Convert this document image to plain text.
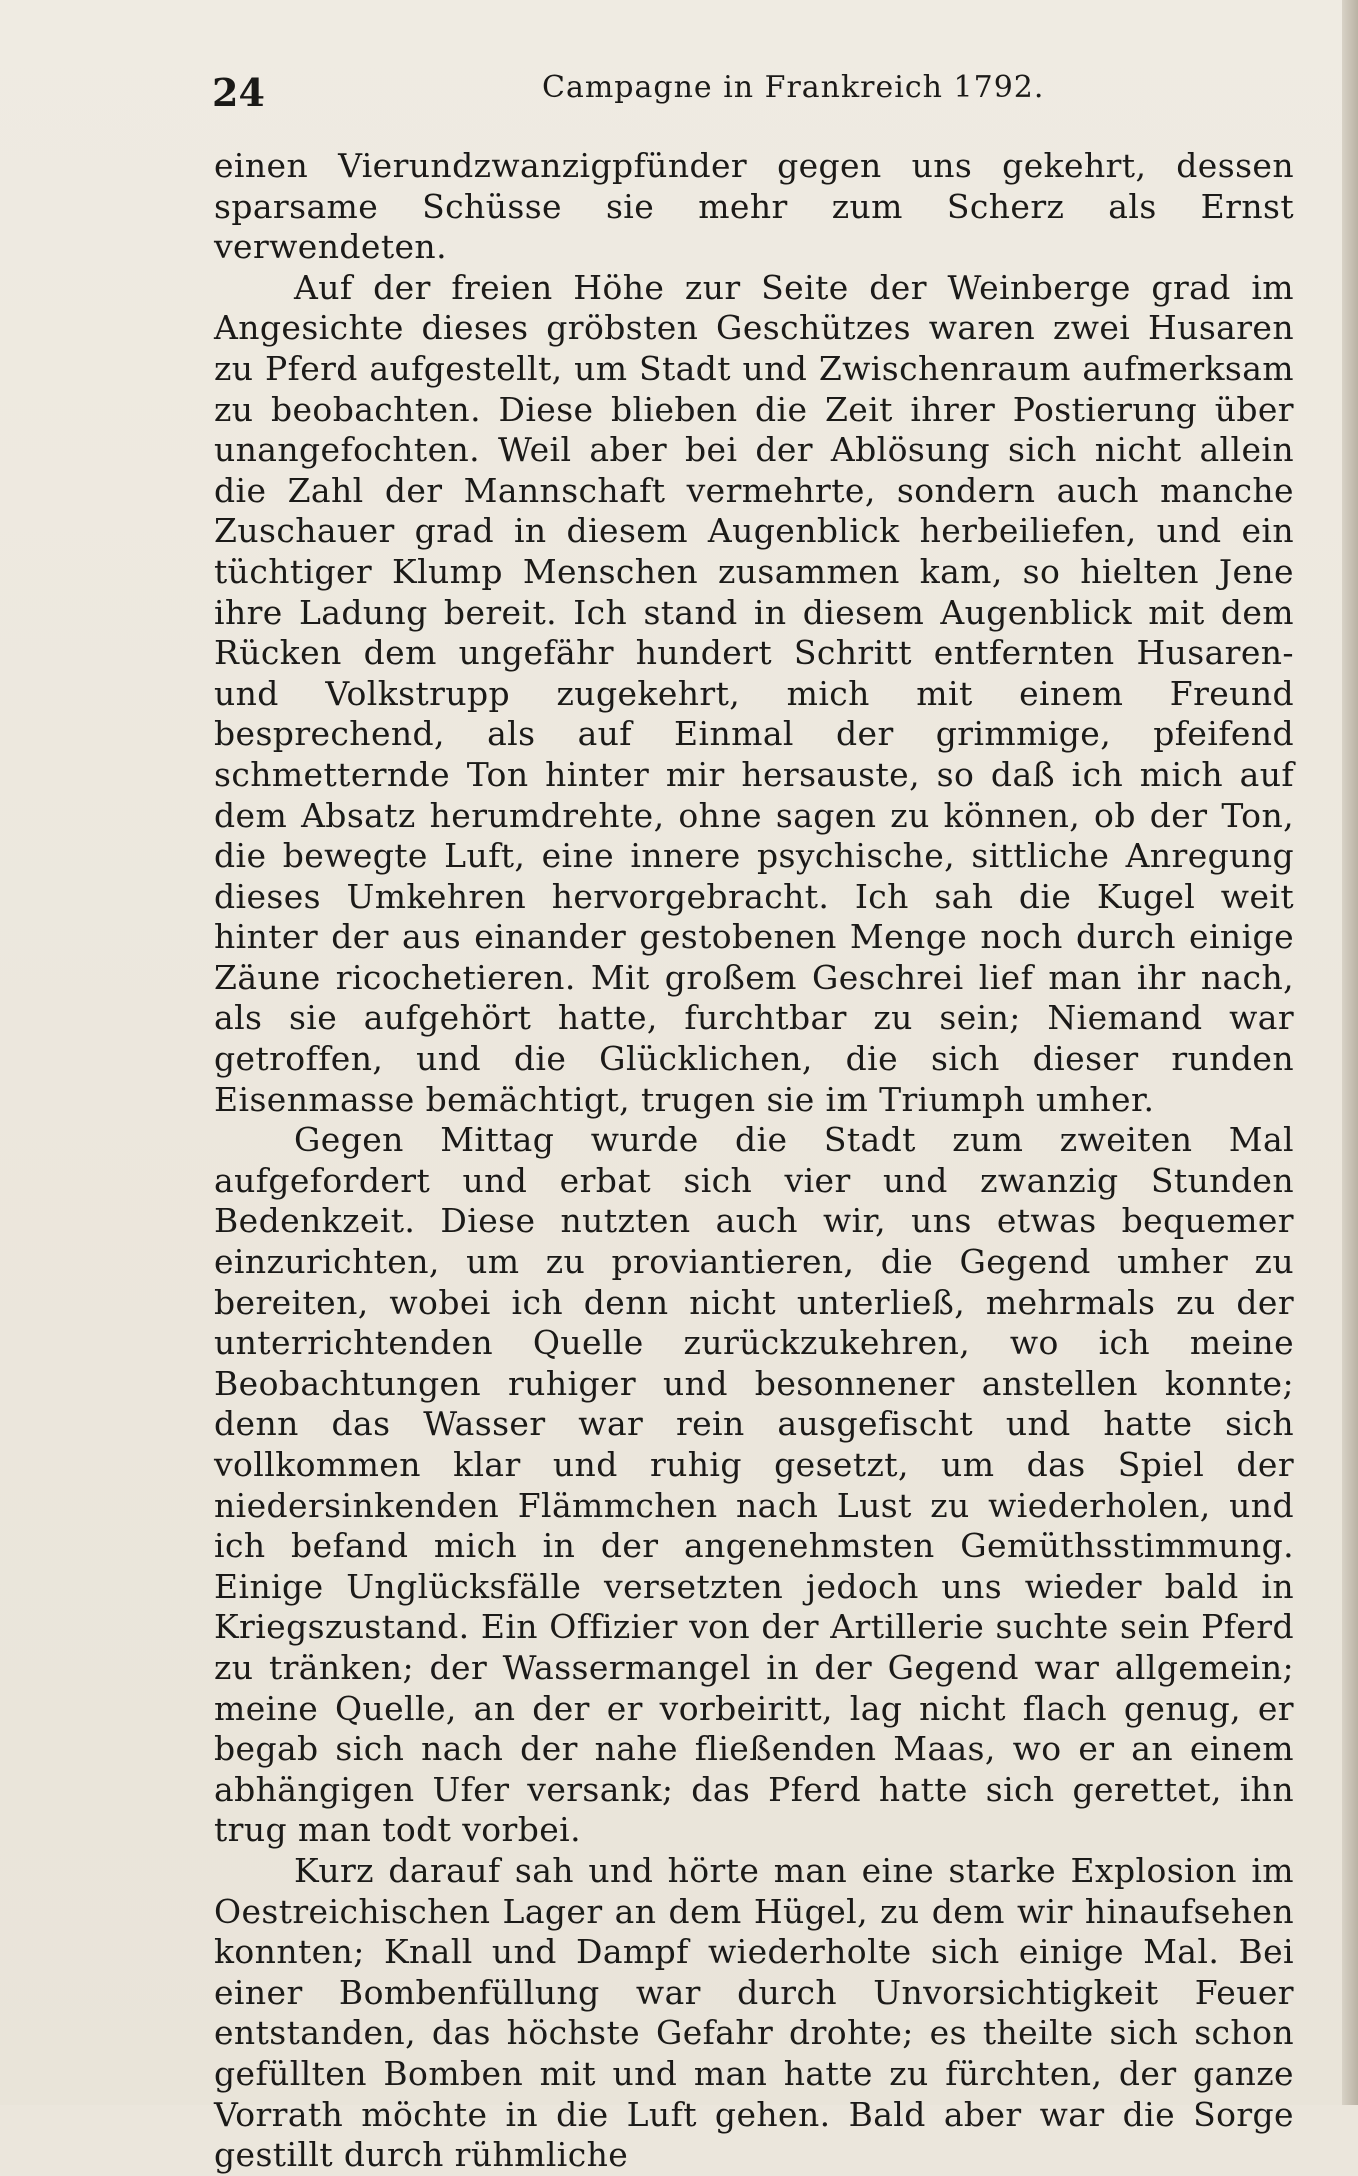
24	Campagne in Frankreich 1792.

einen Vierundzwanzigpfünder gegen uns gekehrt, dessen sparsame Schüsse sie mehr zum Scherz als Ernst verwendeten.

Auf der freien Höhe zur Seite der Weinberge grad im Angesichte dieses gröbsten Geschützes waren zwei Husaren zu Pferd aufgestellt, um Stadt und Zwischenraum aufmerksam zu beobachten. Diese blieben die Zeit ihrer Postierung über unangefochten. Weil aber bei der Ablösung sich nicht allein die Zahl der Mannschaft vermehrte, sondern auch manche Zuschauer grad in diesem Augenblick herbeiliefen, und ein tüchtiger Klump Menschen zusammen kam, so hielten Jene ihre Ladung bereit. Ich stand in diesem Augenblick mit dem Rücken dem ungefähr hundert Schritt entfernten Husaren- und Volkstrupp zugekehrt, mich mit einem Freund besprechend, als auf Einmal der grimmige, pfeifend schmetternde Ton hinter mir hersauste, so daß ich mich auf dem Absatz herumdrehte, ohne sagen zu können, ob der Ton, die bewegte Luft, eine innere psychische, sittliche Anregung dieses Umkehren hervorgebracht. Ich sah die Kugel weit hinter der aus einander gestobenen Menge noch durch einige Zäune ricochetieren. Mit großem Geschrei lief man ihr nach, als sie aufgehört hatte, furchtbar zu sein; Niemand war getroffen, und die Glücklichen, die sich dieser runden Eisenmasse bemächtigt, trugen sie im Triumph umher.

Gegen Mittag wurde die Stadt zum zweiten Mal aufgefordert und erbat sich vier und zwanzig Stunden Bedenkzeit. Diese nutzten auch wir, uns etwas bequemer einzurichten, um zu proviantieren, die Gegend umher zu bereiten, wobei ich denn nicht unterließ, mehrmals zu der unterrichtenden Quelle zurückzukehren, wo ich meine Beobachtungen ruhiger und besonnener anstellen konnte; denn das Wasser war rein ausgefischt und hatte sich vollkommen klar und ruhig gesetzt, um das Spiel der niedersinkenden Flämmchen nach Lust zu wiederholen, und ich befand mich in der angenehmsten Gemüthsstimmung. Einige Unglücksfälle versetzten jedoch uns wieder bald in Kriegszustand. Ein Offizier von der Artillerie suchte sein Pferd zu tränken; der Wassermangel in der Gegend war allgemein; meine Quelle, an der er vorbeiritt, lag nicht flach genug, er begab sich nach der nahe fließenden Maas, wo er an einem abhängigen Ufer versank; das Pferd hatte sich gerettet, ihn trug man todt vorbei.

Kurz darauf sah und hörte man eine starke Explosion im Oestreichischen Lager an dem Hügel, zu dem wir hinaufsehen konnten; Knall und Dampf wiederholte sich einige Mal. Bei einer Bombenfüllung war durch Unvorsichtigkeit Feuer entstanden, das höchste Gefahr drohte; es theilte sich schon gefüllten Bomben mit und man hatte zu fürchten, der ganze Vorrath möchte in die Luft gehen. Bald aber war die Sorge gestillt durch rühmliche
